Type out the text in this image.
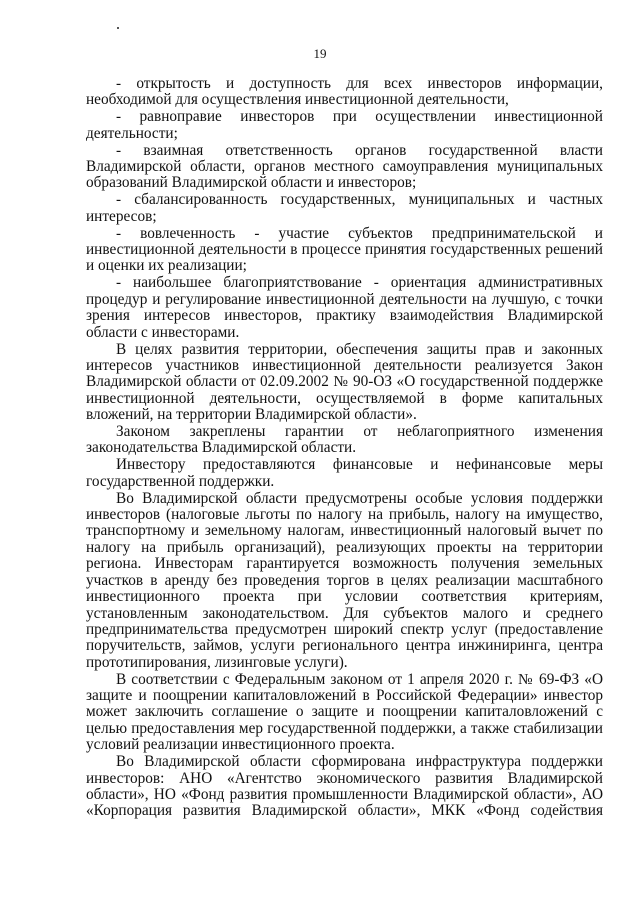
19

- открытость и доступность для всех инвесторов информации, необходимой для осуществления инвестиционной деятельности,

- равноправие инвесторов при осуществлении инвестиционной деятельности;

- взаимная ответственность органов государственной власти Владимирской области, органов местного самоуправления муниципальных образований Владимирской области и инвесторов;

- сбалансированность государственных, муниципальных и частных интересов;

- вовлеченность - участие субъектов предпринимательской и инвестиционной деятельности в процессе принятия государственных решений и оценки их реализации;

- наибольшее благоприятствование - ориентация административных процедур и регулирование инвестиционной деятельности на лучшую, с точки зрения интересов инвесторов, практику взаимодействия Владимирской области с инвесторами.

В целях развития территории, обеспечения защиты прав и законных интересов участников инвестиционной деятельности реализуется Закон Владимирской области от 02.09.2002 № 90-ОЗ «О государственной поддержке инвестиционной деятельности, осуществляемой в форме капитальных вложений, на территории Владимирской области».

Законом закреплены гарантии от неблагоприятного изменения законодательства Владимирской области.

Инвестору предоставляются финансовые и нефинансовые меры государственной поддержки.

Во Владимирской области предусмотрены особые условия поддержки инвесторов (налоговые льготы по налогу на прибыль, налогу на имущество, транспортному и земельному налогам, инвестиционный налоговый вычет по налогу на прибыль организаций), реализующих проекты на территории региона. Инвесторам гарантируется возможность получения земельных участков в аренду без проведения торгов в целях реализации масштабного инвестиционного проекта при условии соответствия критериям, установленным законодательством. Для субъектов малого и среднего предпринимательства предусмотрен широкий спектр услуг (предоставление поручительств, займов, услуги регионального центра инжиниринга, центра прототипирования, лизинговые услуги).

В соответствии с Федеральным законом от 1 апреля 2020 г. № 69-ФЗ «О защите и поощрении капиталовложений в Российской Федерации» инвестор может заключить соглашение о защите и поощрении капиталовложений с целью предоставления мер государственной поддержки, а также стабилизации условий реализации инвестиционного проекта.

Во Владимирской области сформирована инфраструктура поддержки инвесторов: АНО «Агентство экономического развития Владимирской области», НО «Фонд развития промышленности Владимирской области», АО «Корпорация развития Владимирской области», МКК «Фонд содействия
